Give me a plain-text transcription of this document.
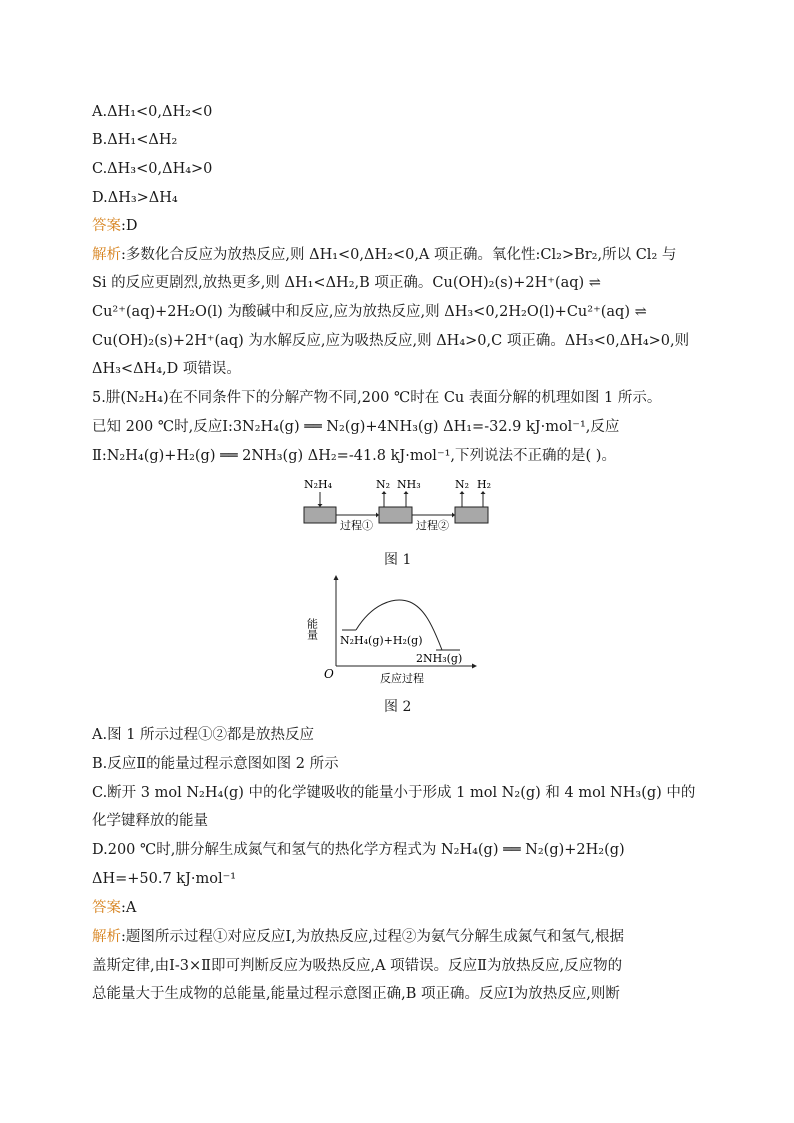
A.ΔH₁<0,ΔH₂<0
B.ΔH₁<ΔH₂
C.ΔH₃<0,ΔH₄>0
D.ΔH₃>ΔH₄
答案:D
解析:多数化合反应为放热反应,则 ΔH₁<0,ΔH₂<0,A 项正确。氧化性:Cl₂>Br₂,所以 Cl₂ 与
Si 的反应更剧烈,放热更多,则 ΔH₁<ΔH₂,B 项正确。Cu(OH)₂(s)+2H⁺(aq) ⇌
Cu²⁺(aq)+2H₂O(l) 为酸碱中和反应,应为放热反应,则 ΔH₃<0,2H₂O(l)+Cu²⁺(aq) ⇌
Cu(OH)₂(s)+2H⁺(aq) 为水解反应,应为吸热反应,则 ΔH₄>0,C 项正确。ΔH₃<0,ΔH₄>0,则
ΔH₃<ΔH₄,D 项错误。
5.肼(N₂H₄)在不同条件下的分解产物不同,200 ℃时在 Cu 表面分解的机理如图 1 所示。
已知 200 ℃时,反应Ⅰ:3N₂H₄(g) ══ N₂(g)+4NH₃(g) ΔH₁=-32.9 kJ·mol⁻¹,反应
Ⅱ:N₂H₄(g)+H₂(g) ══ 2NH₃(g) ΔH₂=-41.8 kJ·mol⁻¹,下列说法不正确的是( )。
N₂H₄	N₂ NH₃	N₂ H₂
过程①	过程②
图 1
N₂H₄(g)+H₂(g)
2NH₃(g)
O	反应过程
能量
图 2
A.图 1 所示过程①②都是放热反应
B.反应Ⅱ的能量过程示意图如图 2 所示
C.断开 3 mol N₂H₄(g) 中的化学键吸收的能量小于形成 1 mol N₂(g) 和 4 mol NH₃(g) 中的
化学键释放的能量
D.200 ℃时,肼分解生成氮气和氢气的热化学方程式为 N₂H₄(g) ══ N₂(g)+2H₂(g)
ΔH=+50.7 kJ·mol⁻¹
答案:A
解析:题图所示过程①对应反应Ⅰ,为放热反应,过程②为氨气分解生成氮气和氢气,根据
盖斯定律,由Ⅰ-3×Ⅱ即可判断反应为吸热反应,A 项错误。反应Ⅱ为放热反应,反应物的
总能量大于生成物的总能量,能量过程示意图正确,B 项正确。反应Ⅰ为放热反应,则断
